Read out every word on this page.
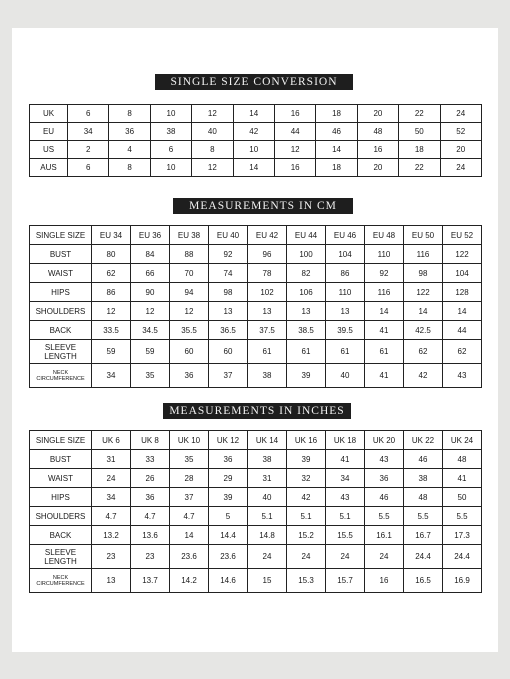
SINGLE SIZE CONVERSION
UK	6	8	10	12	14	16	18	20	22	24
EU	34	36	38	40	42	44	46	48	50	52
US	2	4	6	8	10	12	14	16	18	20
AUS	6	8	10	12	14	16	18	20	22	24
MEASUREMENTS IN CM
SINGLE SIZE	EU 34	EU 36	EU 38	EU 40	EU 42	EU 44	EU 46	EU 48	EU 50	EU 52
BUST	80	84	88	92	96	100	104	110	116	122
WAIST	62	66	70	74	78	82	86	92	98	104
HIPS	86	90	94	98	102	106	110	116	122	128
SHOULDERS	12	12	12	13	13	13	13	14	14	14
BACK	33.5	34.5	35.5	36.5	37.5	38.5	39.5	41	42.5	44
SLEEVE LENGTH	59	59	60	60	61	61	61	61	62	62
NECK CIRCUMFERENCE	34	35	36	37	38	39	40	41	42	43
MEASUREMENTS IN INCHES
SINGLE SIZE	UK 6	UK 8	UK 10	UK 12	UK 14	UK 16	UK 18	UK 20	UK 22	UK 24
BUST	31	33	35	36	38	39	41	43	46	48
WAIST	24	26	28	29	31	32	34	36	38	41
HIPS	34	36	37	39	40	42	43	46	48	50
SHOULDERS	4.7	4.7	4.7	5	5.1	5.1	5.1	5.5	5.5	5.5
BACK	13.2	13.6	14	14.4	14.8	15.2	15.5	16.1	16.7	17.3
SLEEVE LENGTH	23	23	23.6	23.6	24	24	24	24	24.4	24.4
NECK CIRCUMFERENCE	13	13.7	14.2	14.6	15	15.3	15.7	16	16.5	16.9
